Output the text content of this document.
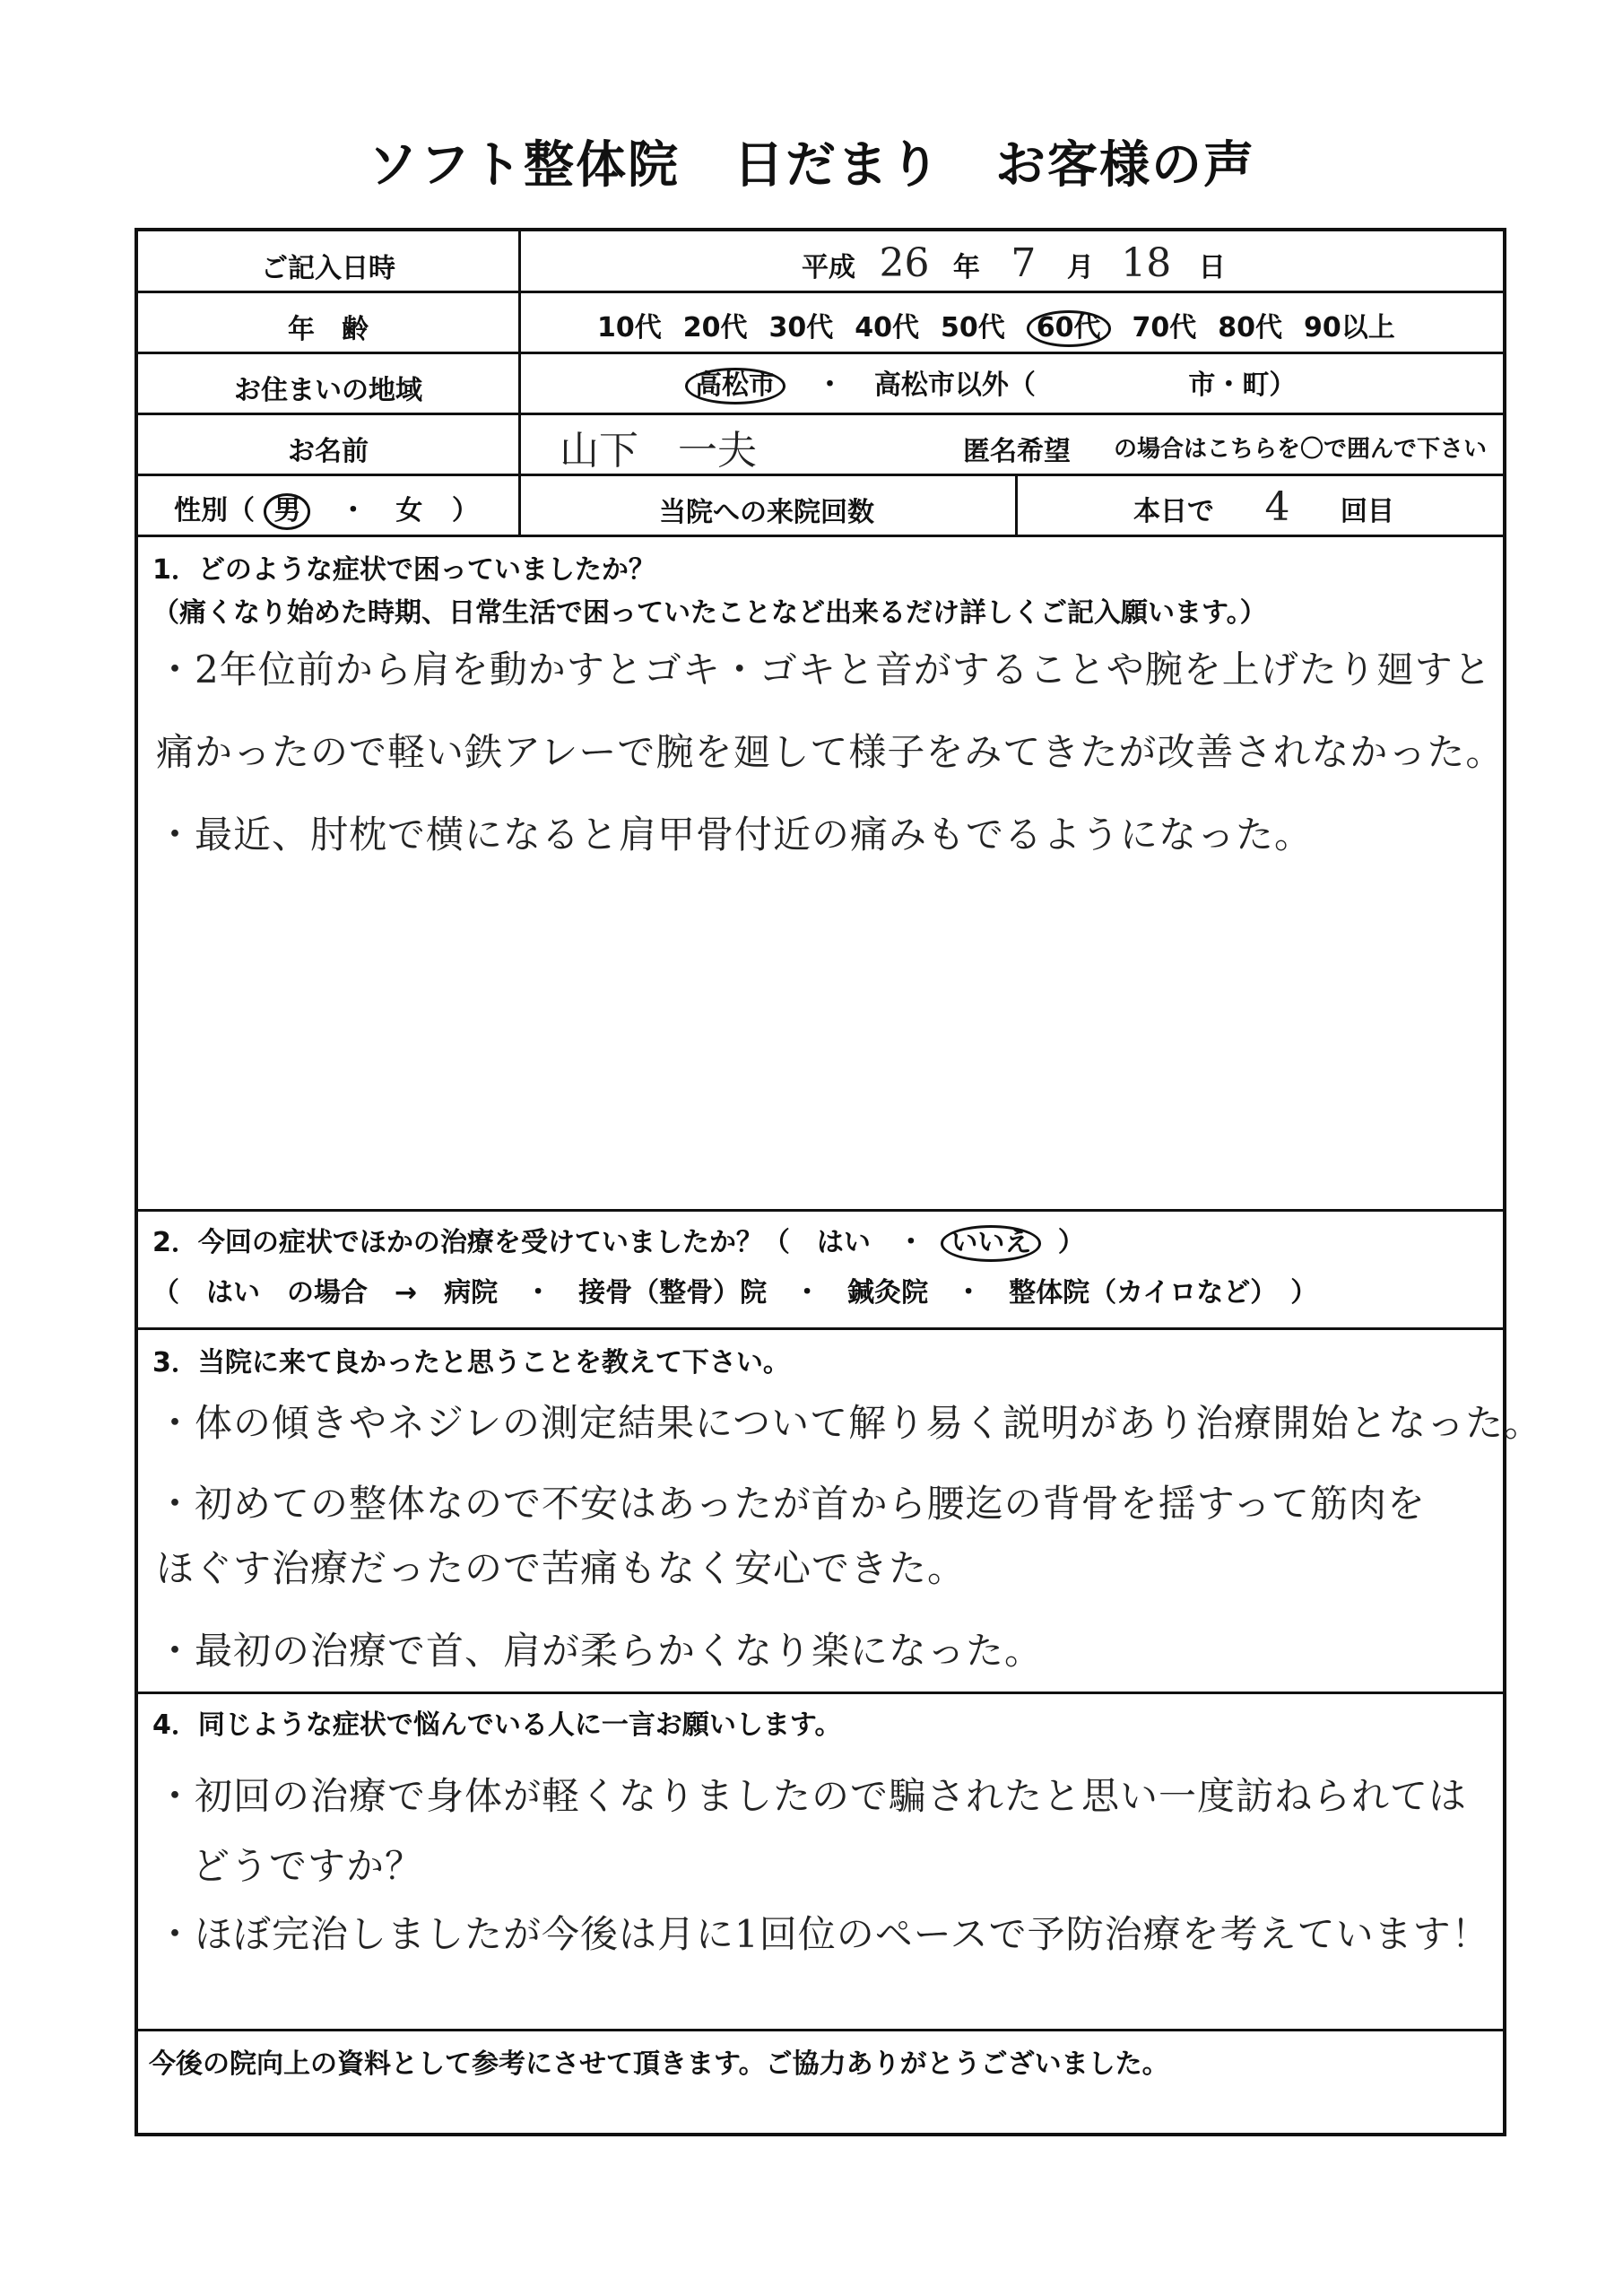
ソフト整体院 日だまり お客様の声
ご記入日時	平成 26 年 7 月 18 日
年　齢	10代 20代 30代 40代 50代 60代 70代 80代 90以上
お住まいの地域	高松市 ・ 高松市以外（	市・町）
お名前	山下　一夫	匿名希望 の場合はこちらを〇で囲んで下さい
性別（ 男 ・ 女 ）	当院への来院回数	本日で 4 回目
1．どのような症状で困っていましたか？
（痛くなり始めた時期、日常生活で困っていたことなど出来るだけ詳しくご記入願います。）
・2年位前から肩を動かすとゴキ・ゴキと音がすることや腕を上げたり廻すと
痛かったので軽い鉄アレーで腕を廻して様子をみてきたが改善されなかった。
・最近、肘枕で横になると肩甲骨付近の痛みもでるようになった。
2．今回の症状でほかの治療を受けていましたか？（　はい　・ いいえ ）
（　はい　の場合　→　病院　・　接骨（整骨）院　・　鍼灸院　・　整体院（カイロなど）　）
3．当院に来て良かったと思うことを教えて下さい。
・体の傾きやネジレの測定結果について解り易く説明があり治療開始となった。
・初めての整体なので不安はあったが首から腰迄の背骨を揺すって筋肉を
ほぐす治療だったので苦痛もなく安心できた。
・最初の治療で首、肩が柔らかくなり楽になった。
4．同じような症状で悩んでいる人に一言お願いします。
・初回の治療で身体が軽くなりましたので騙されたと思い一度訪ねられては
どうですか？
・ほぼ完治しましたが今後は月に1回位のペースで予防治療を考えています！
今後の院向上の資料として参考にさせて頂きます。ご協力ありがとうございました。
